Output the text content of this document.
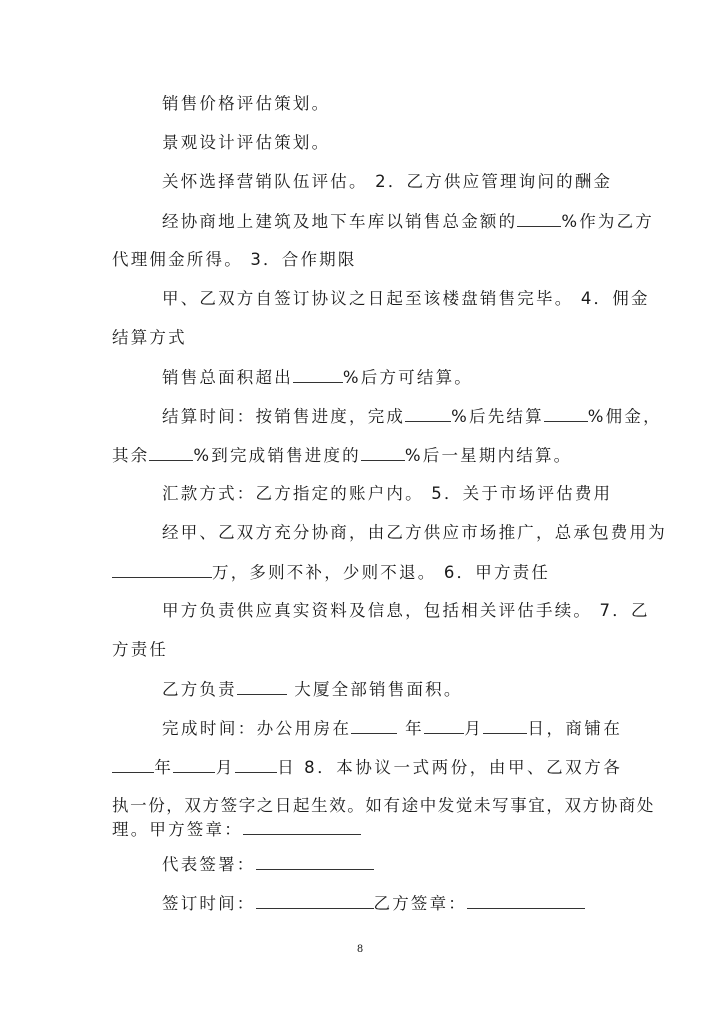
销售价格评估策划。
景观设计评估策划。
关怀选择营销队伍评估。 2．乙方供应管理询问的酬金
经协商地上建筑及地下车库以销售总金额的	%作为乙方
代理佣金所得。 3．合作期限
甲、乙双方自签订协议之日起至该楼盘销售完毕。 4．佣金
结算方式
销售总面积超出	%后方可结算。
结算时间：按销售进度，完成	%后先结算	%佣金，
其余	%到完成销售进度的	%后一星期内结算。
汇款方式：乙方指定的账户内。 5．关于市场评估费用
经甲、乙双方充分协商，由乙方供应市场推广，总承包费用为
万，多则不补，少则不退。 6．甲方责任
甲方负责供应真实资料及信息，包括相关评估手续。 7．乙
方责任
乙方负责	大厦全部销售面积。
完成时间：办公用房在	年 月	日，商铺在
年	月	日 8．本协议一式两份，由甲、乙双方各
执一份，双方签字之日起生效。如有途中发觉未写事宜，双方协商处
理。甲方签章：
代表签署：
签订时间：	乙方签章：
8
